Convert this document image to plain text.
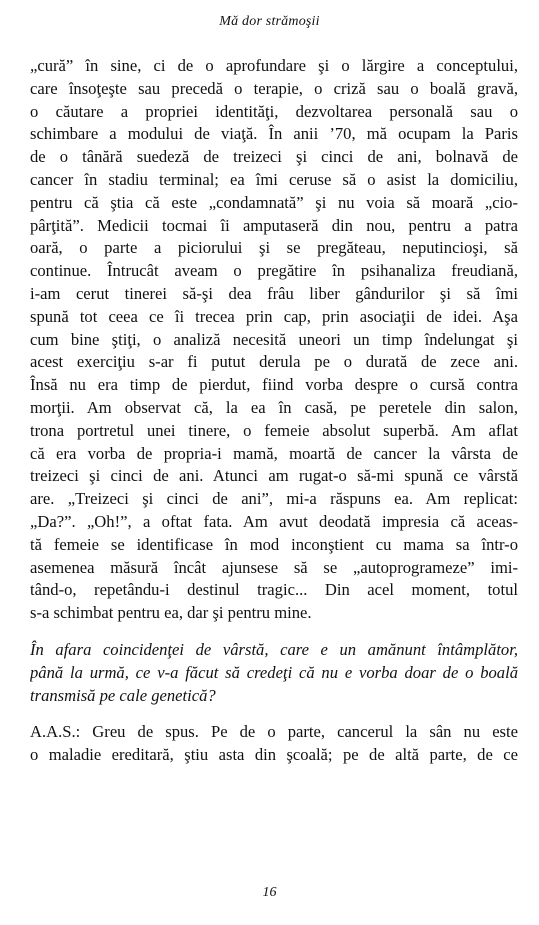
Mă dor strămoşii
„cură” în sine, ci de o aprofundare şi o lărgire a conceptului,
care însoţeşte sau precedă o terapie, o criză sau o boală gravă,
o căutare a propriei identităţi, dezvoltarea personală sau o
schimbare a modului de viaţă. În anii ’70, mă ocupam la Paris
de o tânără suedeză de treizeci şi cinci de ani, bolnavă de
cancer în stadiu terminal; ea îmi ceruse să o asist la domiciliu,
pentru că ştia că este „condamnată” şi nu voia să moară „cio-
pârţită”. Medicii tocmai îi amputaseră din nou, pentru a patra
oară, o parte a piciorului şi se pregăteau, neputincioşi, să
continue. Întrucât aveam o pregătire în psihanaliza freudiană,
i-am cerut tinerei să-şi dea frâu liber gândurilor şi să îmi
spună tot ceea ce îi trecea prin cap, prin asociaţii de idei. Aşa
cum bine ştiţi, o analiză necesită uneori un timp îndelungat şi
acest exerciţiu s-ar fi putut derula pe o durată de zece ani.
Însă nu era timp de pierdut, fiind vorba despre o cursă contra
morţii. Am observat că, la ea în casă, pe peretele din salon,
trona portretul unei tinere, o femeie absolut superbă. Am aflat
că era vorba de propria-i mamă, moartă de cancer la vârsta de
treizeci şi cinci de ani. Atunci am rugat-o să-mi spună ce vârstă
are. „Treizeci şi cinci de ani”, mi-a răspuns ea. Am replicat:
„Da?”. „Oh!”, a oftat fata. Am avut deodată impresia că aceas-
tă femeie se identificase în mod inconştient cu mama sa într-o
asemenea măsură încât ajunsese să se „autoprogrameze” imi-
tând-o, repetându-i destinul tragic... Din acel moment, totul
s-a schimbat pentru ea, dar şi pentru mine.
În afara coincidenţei de vârstă, care e un amănunt întâmplător,
până la urmă, ce v-a făcut să credeţi că nu e vorba doar de o boală
transmisă pe cale genetică?
A.A.S.: Greu de spus. Pe de o parte, cancerul la sân nu este
o maladie ereditară, ştiu asta din şcoală; pe de altă parte, de ce
16
